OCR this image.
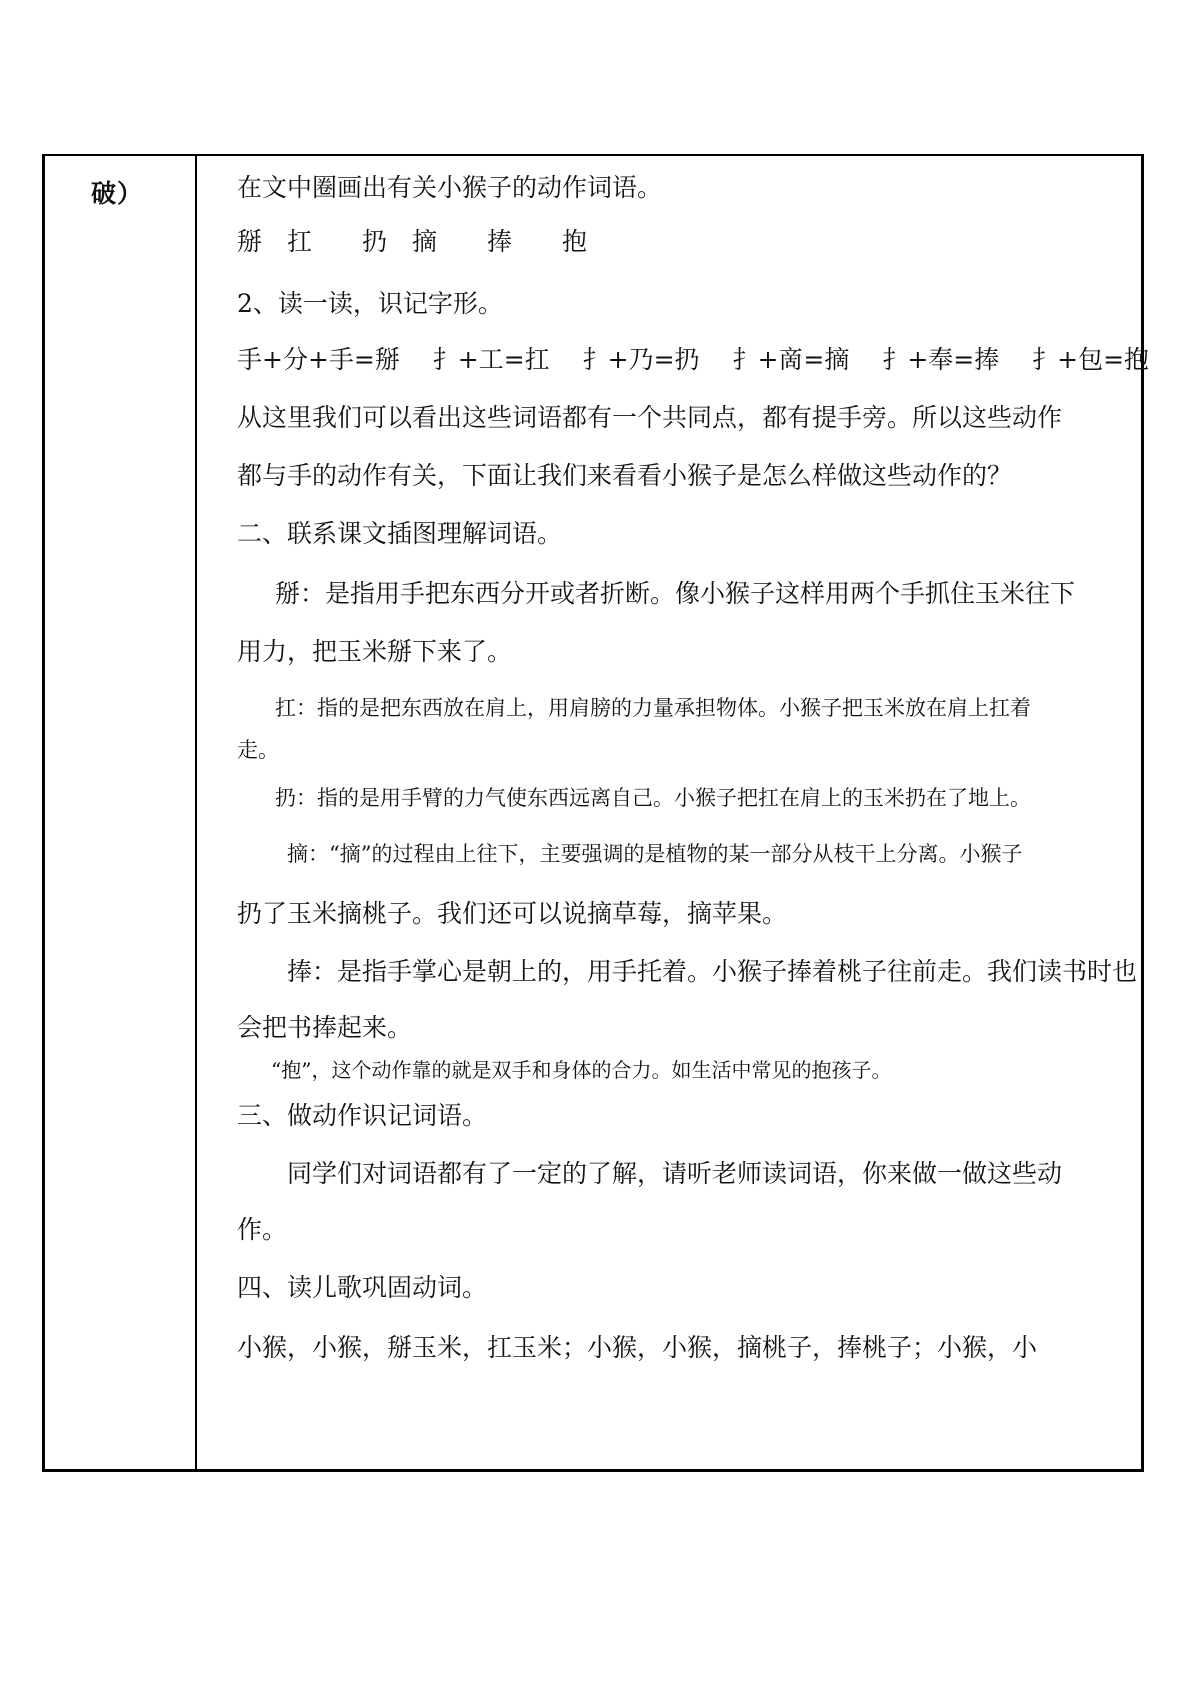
破）	在文中圈画出有关小猴子的动作词语。
掰　扛　　扔　摘　　捧　　抱
2、读一读，识记字形。
手+分+手=掰　 扌+工=扛　 扌+乃=扔　 扌+啇=摘　 扌+奉=捧　 扌+包=抱
从这里我们可以看出这些词语都有一个共同点，都有提手旁。所以这些动作
都与手的动作有关，下面让我们来看看小猴子是怎么样做这些动作的？
二、联系课文插图理解词语。
掰：是指用手把东西分开或者折断。像小猴子这样用两个手抓住玉米往下
用力，把玉米掰下来了。
扛：指的是把东西放在肩上，用肩膀的力量承担物体。小猴子把玉米放在肩上扛着
走。
扔：指的是用手臂的力气使东西远离自己。小猴子把扛在肩上的玉米扔在了地上。
摘：“摘”的过程由上往下，主要强调的是植物的某一部分从枝干上分离。小猴子
扔了玉米摘桃子。我们还可以说摘草莓，摘苹果。
捧：是指手掌心是朝上的，用手托着。小猴子捧着桃子往前走。我们读书时也
会把书捧起来。
“抱”，这个动作靠的就是双手和身体的合力。如生活中常见的抱孩子。
三、做动作识记词语。
同学们对词语都有了一定的了解，请听老师读词语，你来做一做这些动
作。
四、读儿歌巩固动词。
小猴，小猴，掰玉米，扛玉米；小猴，小猴，摘桃子，捧桃子；小猴，小
